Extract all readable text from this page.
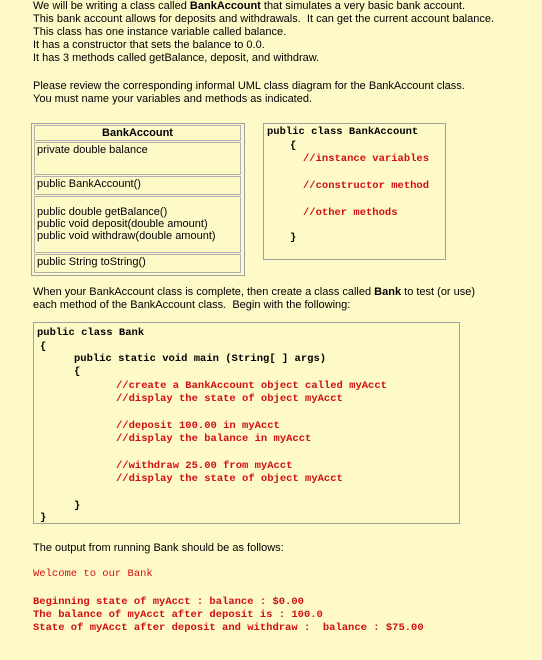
We will be writing a class called BankAccount that simulates a very basic bank account.
This bank account allows for deposits and withdrawals.  It can get the current account balance.
This class has one instance variable called balance.
It has a constructor that sets the balance to 0.0.
It has 3 methods called getBalance, deposit, and withdraw.
Please review the corresponding informal UML class diagram for the BankAccount class.
You must name your variables and methods as indicated.
BankAccount
private double balance
public BankAccount()
public double getBalance()
public void deposit(double amount)
public void withdraw(double amount)
public String toString()
public class BankAccount
{
//instance variables
//constructor method
//other methods
}
When your BankAccount class is complete, then create a class called Bank to test (or use)
each method of the BankAccount class.  Begin with the following:
public class Bank
{
public static void main (String[ ] args)
{
//create a BankAccount object called myAcct
//display the state of object myAcct
//deposit 100.00 in myAcct
//display the balance in myAcct
//withdraw 25.00 from myAcct
//display the state of object myAcct
}
}
The output from running Bank should be as follows:
Welcome to our Bank
Beginning state of myAcct : balance : $0.00
The balance of myAcct after deposit is : 100.0
State of myAcct after deposit and withdraw :  balance : $75.00
